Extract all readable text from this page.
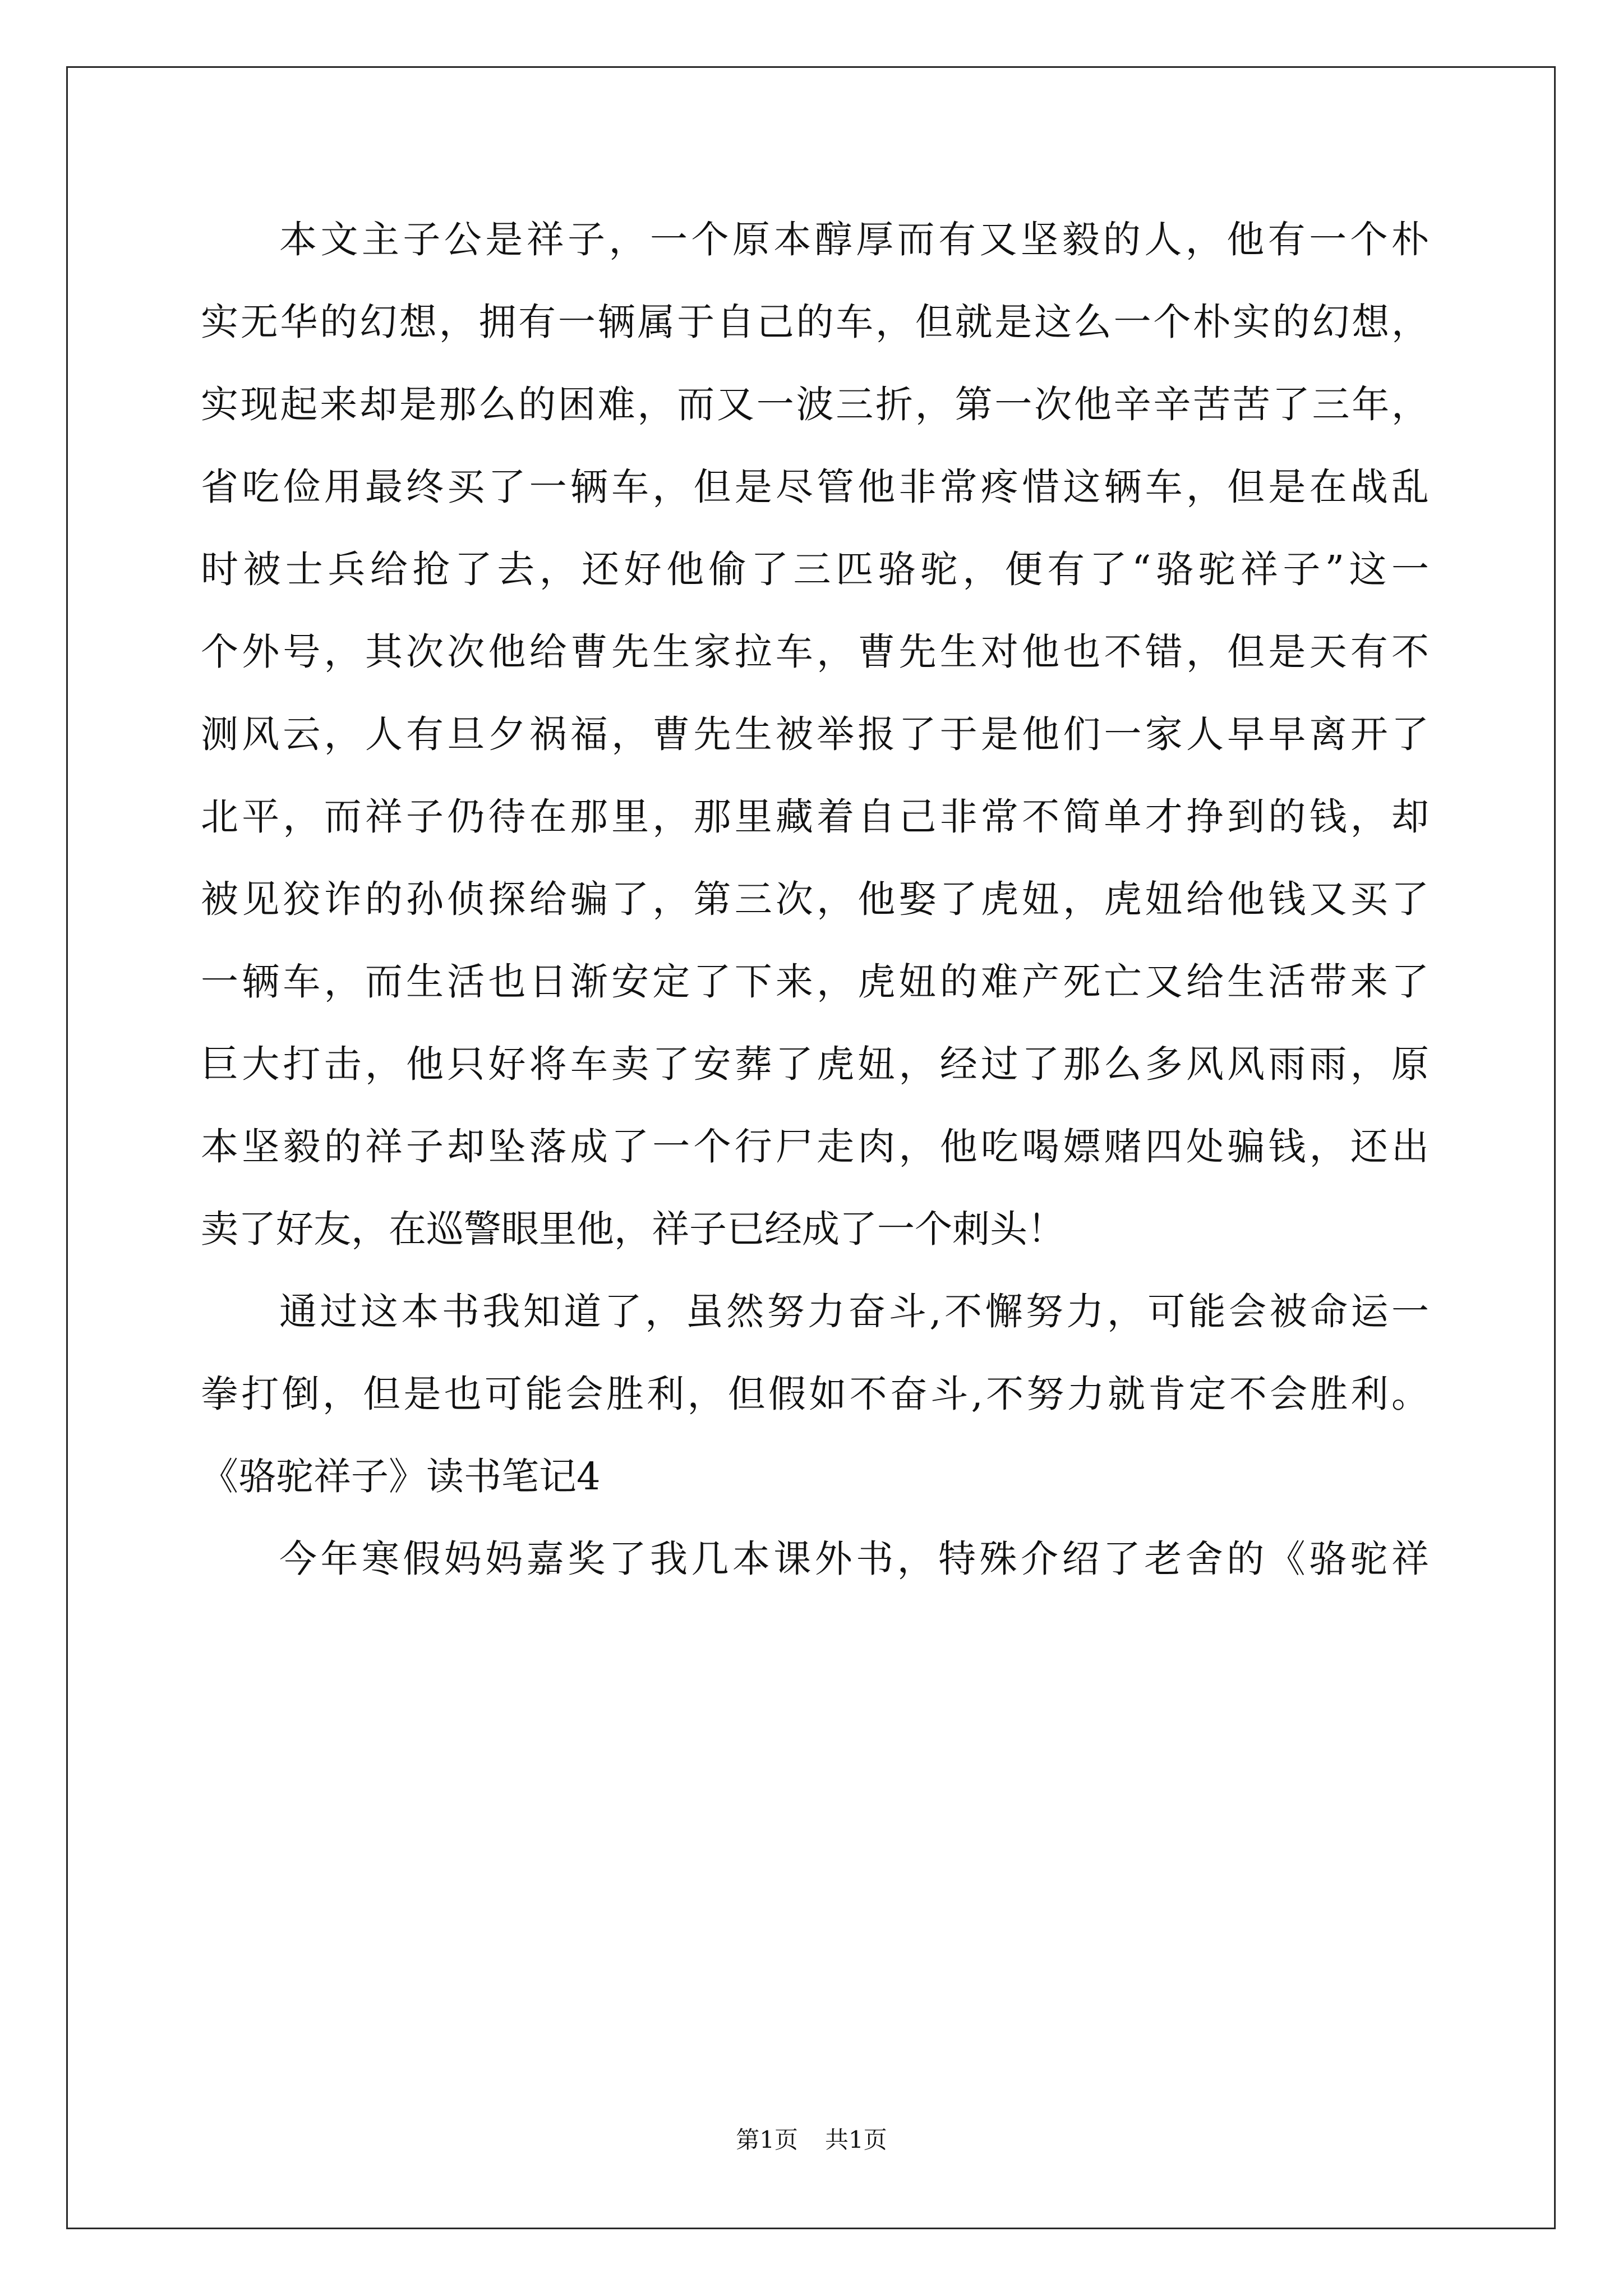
本文主子公是祥子，一个原本醇厚而有又坚毅的人，他有一个朴
实无华的幻想，拥有一辆属于自己的车，但就是这么一个朴实的幻想，
实现起来却是那么的困难，而又一波三折，第一次他辛辛苦苦了三年，
省吃俭用最终买了一辆车，但是尽管他非常疼惜这辆车，但是在战乱
时被士兵给抢了去，还好他偷了三匹骆驼，便有了“骆驼祥子”这一
个外号，其次次他给曹先生家拉车，曹先生对他也不错，但是天有不
测风云，人有旦夕祸福，曹先生被举报了于是他们一家人早早离开了
北平，而祥子仍待在那里，那里藏着自己非常不简单才挣到的钱，却
被见狡诈的孙侦探给骗了，第三次，他娶了虎妞，虎妞给他钱又买了
一辆车，而生活也日渐安定了下来，虎妞的难产死亡又给生活带来了
巨大打击，他只好将车卖了安葬了虎妞，经过了那么多风风雨雨，原
本坚毅的祥子却坠落成了一个行尸走肉，他吃喝嫖赌四处骗钱，还出
卖了好友，在巡警眼里他，祥子已经成了一个刺头！
通过这本书我知道了，虽然努力奋斗,不懈努力，可能会被命运一
拳打倒，但是也可能会胜利，但假如不奋斗,不努力就肯定不会胜利。
《骆驼祥子》读书笔记4
今年寒假妈妈嘉奖了我几本课外书，特殊介绍了老舍的《骆驼祥
第1页 共1页
